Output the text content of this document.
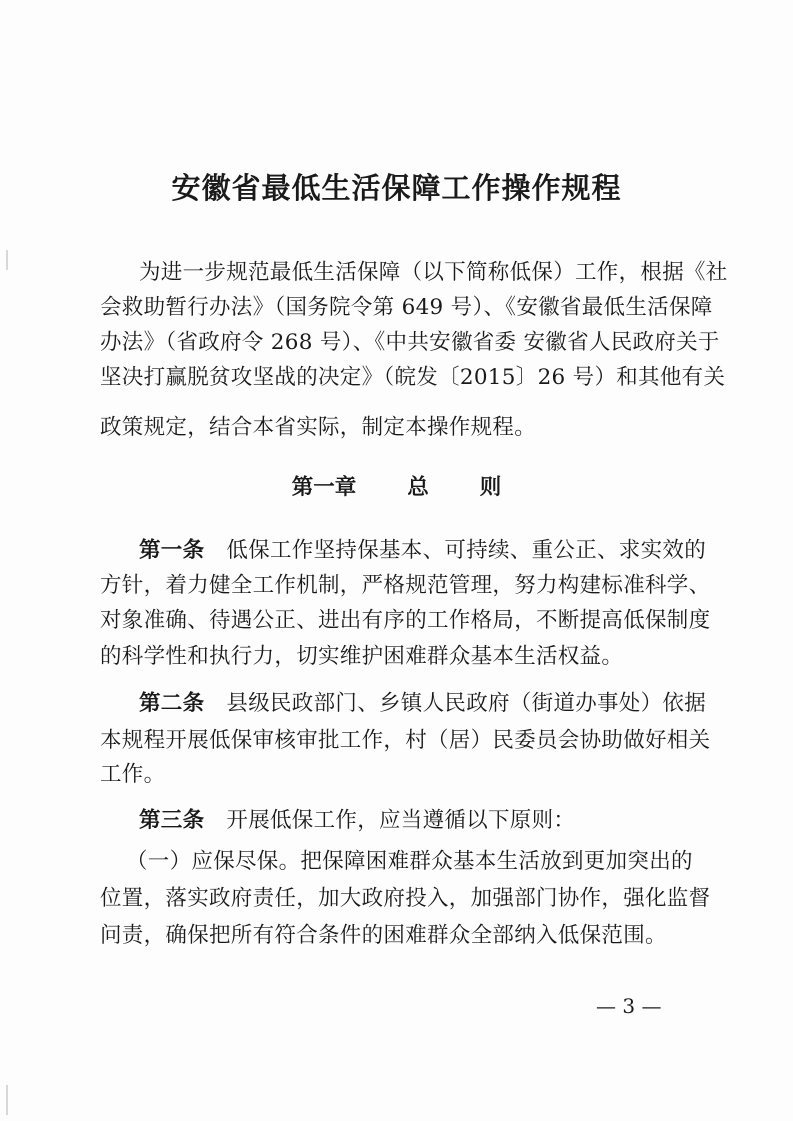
安徽省最低生活保障工作操作规程
为进一步规范最低生活保障（以下简称低保）工作，根据《社
会救助暂行办法》（国务院令第 649 号）、《安徽省最低生活保障
办法》（省政府令 268 号）、《中共安徽省委 安徽省人民政府关于
坚决打赢脱贫攻坚战的决定》（皖发〔2015〕26 号）和其他有关
政策规定，结合本省实际，制定本操作规程。
第一章  总  则
第一条 低保工作坚持保基本、可持续、重公正、求实效的
方针，着力健全工作机制，严格规范管理，努力构建标准科学、
对象准确、待遇公正、进出有序的工作格局，不断提高低保制度
的科学性和执行力，切实维护困难群众基本生活权益。
第二条 县级民政部门、乡镇人民政府（街道办事处）依据
本规程开展低保审核审批工作，村（居）民委员会协助做好相关
工作。
第三条 开展低保工作，应当遵循以下原则：
（一）应保尽保。把保障困难群众基本生活放到更加突出的
位置，落实政府责任，加大政府投入，加强部门协作，强化监督
问责，确保把所有符合条件的困难群众全部纳入低保范围。
— 3 —
